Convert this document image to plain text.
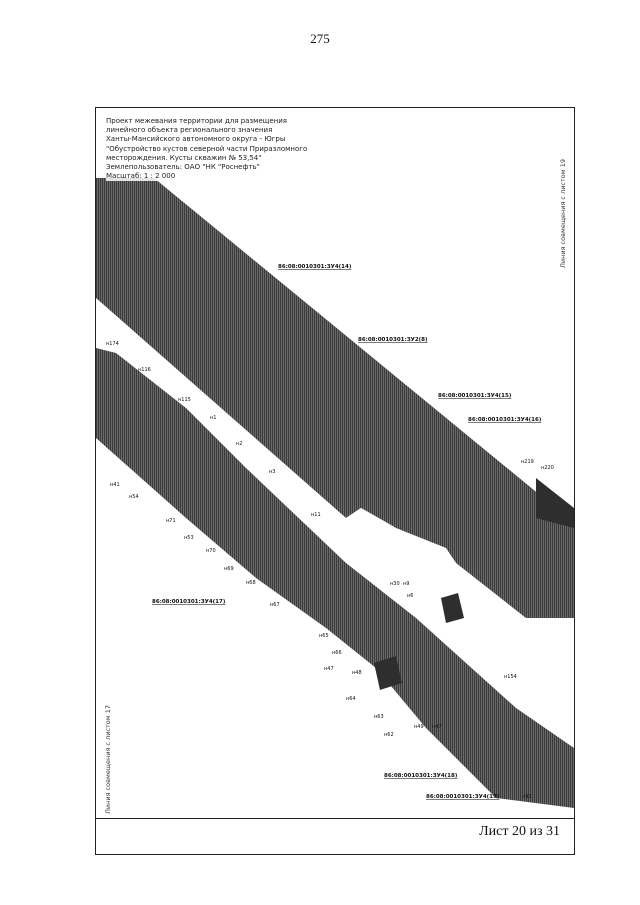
275
86:08:0010301:ЗУ4(14)
86:08:0010301:ЗУ2(8)
86:08:0010301:ЗУ4(15)
86:08:0010301:ЗУ4(16)
86:08:0010301:ЗУ4(17)
86:08:0010301:ЗУ4(18)
86:08:0010301:ЗУ4(19)
н174
н116
н115
н1
н2
н3
н41
н54
н71
н53
н70
н69
н68
н67
н11
н30 н9
н6
н219
н220
н65
н66
н47
н48
н64
н63
н62
н49 н47
н154
н91
Проект межевания территории для размещения
линейного объекта регионального значения
Ханты-Мансийского автономного округа - Югры
"Обустройство кустов северной части Приразломного
месторождения. Кусты скважин № 53,54"
Землепользователь: ОАО "НК "Роснефть"
Масштаб: 1 : 2 000	Линия совмещения с листом 19
Линия совмещения с листом 17
Лист 20 из 31
